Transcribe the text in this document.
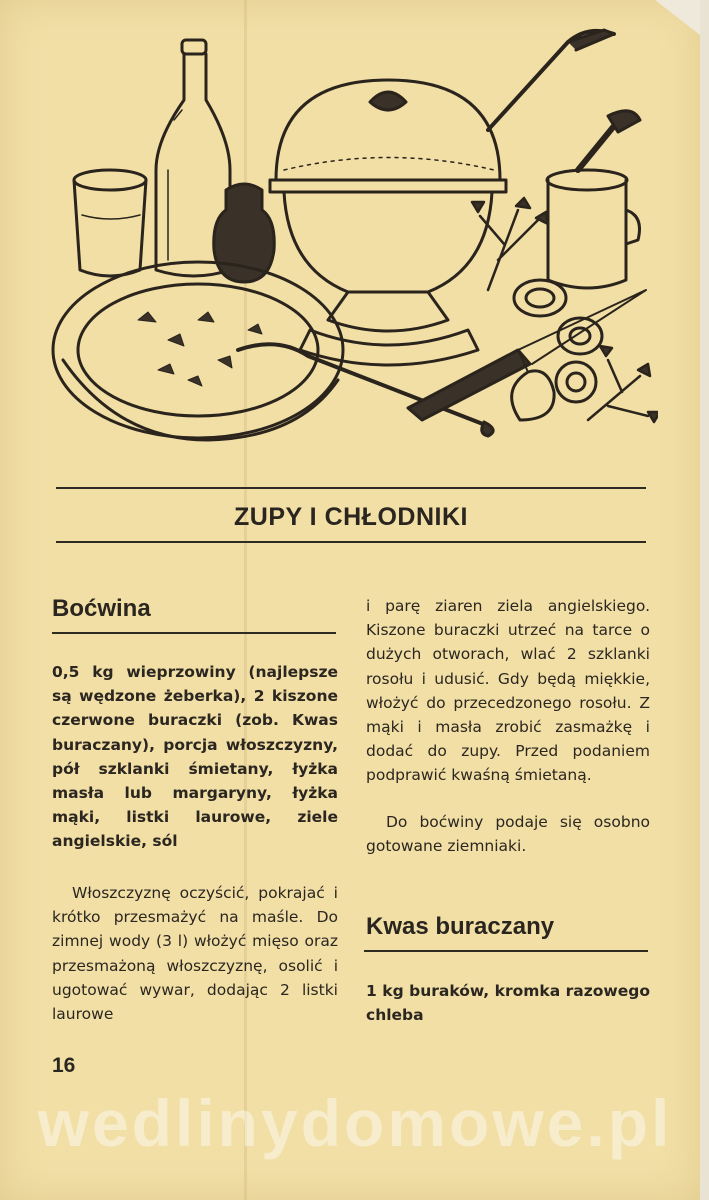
ZUPY I CHŁODNIKI
Boćwina

0,5 kg wieprzowiny (najlepsze są wędzone żeberka), 2 kiszone czerwone buraczki (zob. Kwas buraczany), porcja włoszczyzny, pół szklanki śmietany, łyżka masła lub margaryny, łyżka mąki, listki laurowe, ziele angielskie, sól

Włoszczyznę oczyścić, pokrajać i krótko przesmażyć na maśle. Do zimnej wody (3 l) włożyć mięso oraz przesmażoną włoszczyznę, osolić i ugotować wywar, dodając 2 listki laurowe

i parę ziaren ziela angielskiego. Kiszone buraczki utrzeć na tarce o dużych otworach, wlać 2 szklanki rosołu i udusić. Gdy będą miękkie, włożyć do przecedzonego rosołu. Z mąki i masła zrobić zasmażkę i dodać do zupy. Przed podaniem podprawić kwaśną śmietaną.

Do boćwiny podaje się osobno gotowane ziemniaki.

Kwas buraczany

1 kg buraków, kromka razowego chleba

16
wedlinydomowe.pl
